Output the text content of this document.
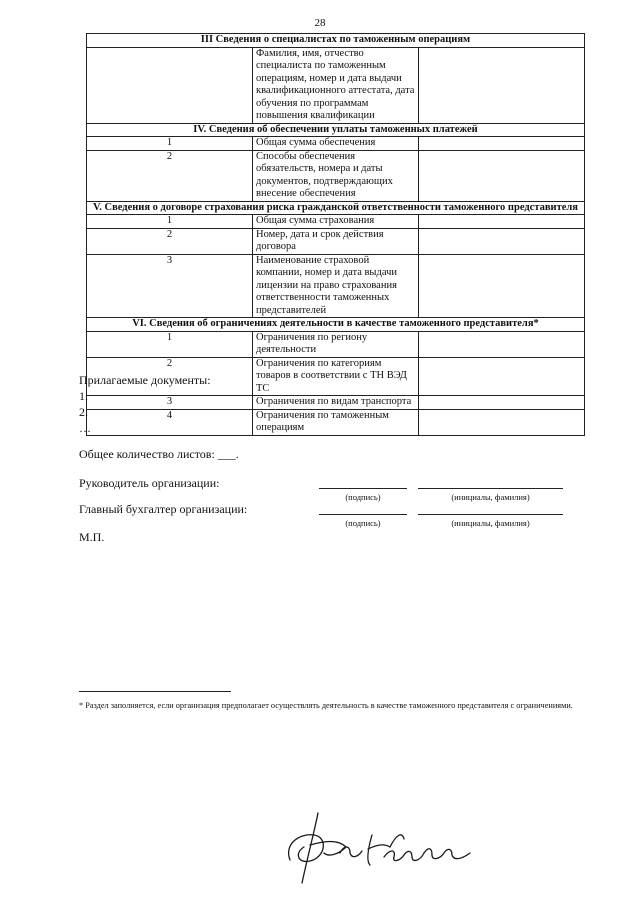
28
III Сведения о специалистах по таможенным операциям		
	Фамилия, имя, отчество специалиста по таможенным операциям, номер и дата выдачи квалификационного аттестата, дата обучения по программам повышения квалификации	
IV. Сведения об обеспечении уплаты таможенных платежей		
1	Общая сумма обеспечения	
2	Способы обеспечения обязательств, номера и даты документов, подтверждающих внесение обеспечения	
V. Сведения о договоре страхования риска гражданской ответственности таможенного представителя		
1	Общая сумма страхования	
2	Номер, дата и срок действия договора	
3	Наименование страховой компании, номер и дата выдачи лицензии на право страхования ответственности таможенных представителей	
VI. Сведения об ограничениях деятельности в качестве таможенного представителя*		
1	Ограничения по региону деятельности	
2	Ограничения по категориям товаров в соответствии с ТН ВЭД ТС	
3	Ограничения по видам транспорта	
4	Ограничения по таможенным операциям	
Прилагаемые документы:
1.
2.
…
Общее количество листов: ___.
Руководитель организации:
(подпись)	(инициалы, фамилия)
Главный бухгалтер организации:
(подпись)	(инициалы, фамилия)
М.П.
* Раздел заполняется, если организация предполагает осуществлять деятельность в качестве таможенного представителя с ограничениями.
